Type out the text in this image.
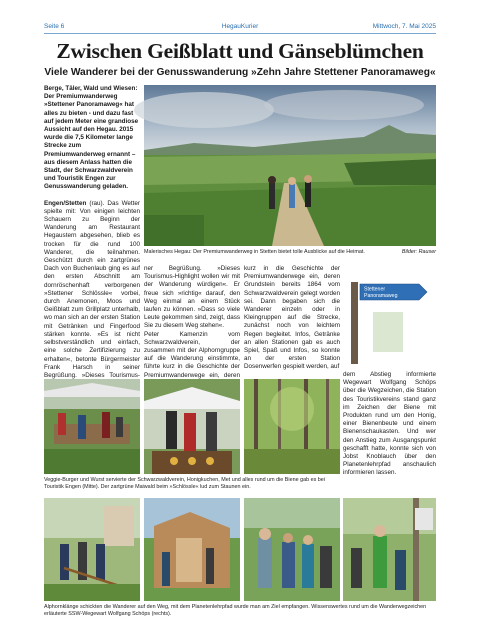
Seite 6	HegauKurier	Mittwoch, 7. Mai 2025
Zwischen Geißblatt und Gänseblümchen
Viele Wanderer bei der Genusswanderung »Zehn Jahre Stettener Panoramaweg«

Berge, Täler, Wald und Wiesen: Der Premiumwanderweg »Stettener Panoramaweg« hat alles zu bieten - und dazu fast auf jedem Meter eine grandiose Aussicht auf den Hegau. 2015 wurde die 7,5 Kilometer lange Strecke zum Premiumwanderweg ernannt – aus diesem Anlass hatten die Stadt, der Schwarzwaldverein und Touristik Engen zur Genusswanderung geladen.

Engen/Stetten (rau). Das Wetter spielte mit: Von einigen leichten Schauern zu Beginn der Wanderung am Restaurant Hegaustern abgesehen, blieb es trocken für die rund 100 Wanderer, die teilnahmen. Geschützt durch ein zartgrünes Dach von Buchenlaub ging es auf den ersten Abschnitt am dornröschenhaft verborgenen »Stettener Schlössle« vorbei, durch Anemonen, Moos und Geißblatt zum Grillplatz unterhalb, wo man sich an der ersten Station mit Getränken und Fingerfood stärken konnte. »Es ist nicht selbstverständlich und einfach, eine solche Zertifizierung zu erhalten«, betonte Bürgermeister Frank Harsch in seiner Begrüßung. »Dieses Tourismus-

Malerisches Hegau: Der Premiumwanderweg in Stetten bietet tolle Ausblicke auf die Heimat.	Bilder: Rauser

ner Begrüßung. »Dieses Tourismus-Highlight wollen wir mit der Wanderung würdigen«. Er freue sich »richtig« darauf, den Weg einmal an einem Stück laufen zu können. »Dass so viele Leute gekommen sind, zeigt, dass Sie zu diesem Weg stehen«.

Peter Kamenzin vom Schwarzwaldverein, der zusammen mit der Alphorngruppe auf die Wanderung einstimmte, führte kurz in die Geschichte der Premiumwanderwege ein, deren

kurz in die Geschichte der Premiumwanderwege ein, deren Grundstein bereits 1864 vom Schwarzwaldverein gelegt worden sei. Dann begaben sich die Wanderer einzeln oder in Kleingruppen auf die Strecke, zunächst noch von leichtem Regen begleitet. Infos, Getränke an allen Stationen gab es auch Spiel, Spaß und Infos, so konnte an der ersten Station Dosenwerfen gespielt werden, auf

Stettener
Panoramaweg

dem Abstieg informierte Wegewart Wolfgang Schöps über die Wegzeichen, die Station des Touristikvereins stand ganz im Zeichen der Biene mit Produkten rund um den Honig, einer Bienenbeute und einem Bienenschaukasten. Und wer den Anstieg zum Ausgangspunkt geschafft hatte, konnte sich von Jobst Knoblauch über den Planetenlehrpfad anschaulich informieren lassen.

Veggie-Burger und Wurst servierte der Schwarzwaldverein, Honigkuchen, Met und alles rund um die Biene gab es bei Touristik Engen (Mitte). Der zartgrüne Maiwald beim »Schlössle« lud zum Staunen ein.
Alphornklänge schickten die Wanderer auf den Weg, mit dem Planetenlehrpfad wurde man am Ziel empfangen. Wissenswertes rund um die Wanderwegzeichen erläuterte SSW-Wegewart Wolfgang Schöps (rechts).
